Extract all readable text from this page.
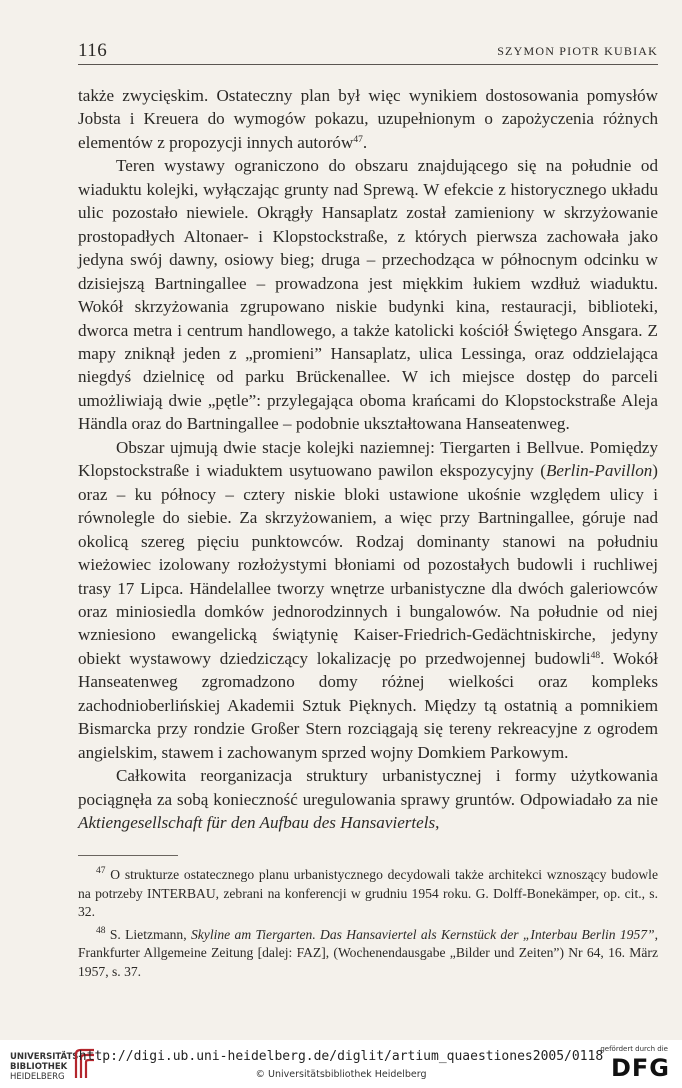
116	SZYMON PIOTR KUBIAK

także zwycięskim. Ostateczny plan był więc wynikiem dostosowania pomysłów Jobsta i Kreuera do wymogów pokazu, uzupełnionym o zapożyczenia różnych elementów z propozycji innych autorów$^{47}$.

Teren wystawy ograniczono do obszaru znajdującego się na południe od wiaduktu kolejki, wyłączając grunty nad Sprewą. W efekcie z historycznego układu ulic pozostało niewiele. Okrągły Hansaplatz został zamieniony w skrzyżowanie prostopadłych Altonaer- i Klopstockstraße, z których pierwsza zachowała jako jedyna swój dawny, osiowy bieg; druga – przechodząca w północnym odcinku w dzisiejszą Bartningallee – prowadzona jest miękkim łukiem wzdłuż wiaduktu. Wokół skrzyżowania zgrupowano niskie budynki kina, restauracji, biblioteki, dworca metra i centrum handlowego, a także katolicki kościół Świętego Ansgara. Z mapy zniknął jeden z „promieni” Hansaplatz, ulica Lessinga, oraz oddzielająca niegdyś dzielnicę od parku Brückenallee. W ich miejsce dostęp do parceli umożliwiają dwie „pętle”: przylegająca oboma krańcami do Klopstockstraße Aleja Händla oraz do Bartningallee – podobnie ukształtowana Hanseatenweg.

Obszar ujmują dwie stacje kolejki naziemnej: Tiergarten i Bellvue. Pomiędzy Klopstockstraße i wiaduktem usytuowano pawilon ekspozycyjny (Berlin-Pavillon) oraz – ku północy – cztery niskie bloki ustawione ukośnie względem ulicy i równolegle do siebie. Za skrzyżowaniem, a więc przy Bartningallee, góruje nad okolicą szereg pięciu punktowców. Rodzaj dominanty stanowi na południu wieżowiec izolowany rozłożystymi błoniami od pozostałych budowli i ruchliwej trasy 17 Lipca. Händelallee tworzy wnętrze urbanistyczne dla dwóch galeriowców oraz miniosiedla domków jednorodzinnych i bungalowów. Na południe od niej wzniesiono ewangelicką świątynię Kaiser-Friedrich-Gedächtniskirche, jedyny obiekt wystawowy dziedziczący lokalizację po przedwojennej budowli$^{48}$. Wokół Hanseatenweg zgromadzono domy różnej wielkości oraz kompleks zachodnioberlińskiej Akademii Sztuk Pięknych. Między tą ostatnią a pomnikiem Bismarcka przy rondzie Großer Stern rozciągają się tereny rekreacyjne z ogrodem angielskim, stawem i zachowanym sprzed wojny Domkiem Parkowym.

Całkowita reorganizacja struktury urbanistycznej i formy użytkowania pociągnęła za sobą konieczność uregulowania sprawy gruntów. Odpowiadało za nie Aktiengesellschaft für den Aufbau des Hansaviertels,

$^{47}$ O strukturze ostatecznego planu urbanistycznego decydowali także architekci wznoszący budowle na potrzeby INTERBAU, zebrani na konferencji w grudniu 1954 roku. G. Dolff-Bonekämper, op. cit., s. 32.

$^{48}$ S. Lietzmann, Skyline am Tiergarten. Das Hansaviertel als Kernstück der „Interbau Berlin 1957”, Frankfurter Allgemeine Zeitung [dalej: FAZ], (Wochenendausgabe „Bilder und Zeiten”) Nr 64, 16. März 1957, s. 37.

UNIVERSITÄTS-
BIBLIOTHEK
HEIDELBERG
http://digi.ub.uni-heidelberg.de/diglit/artium_quaestiones2005/0118
© Universitätsbibliothek Heidelberg
gefördert durch die
DFG
